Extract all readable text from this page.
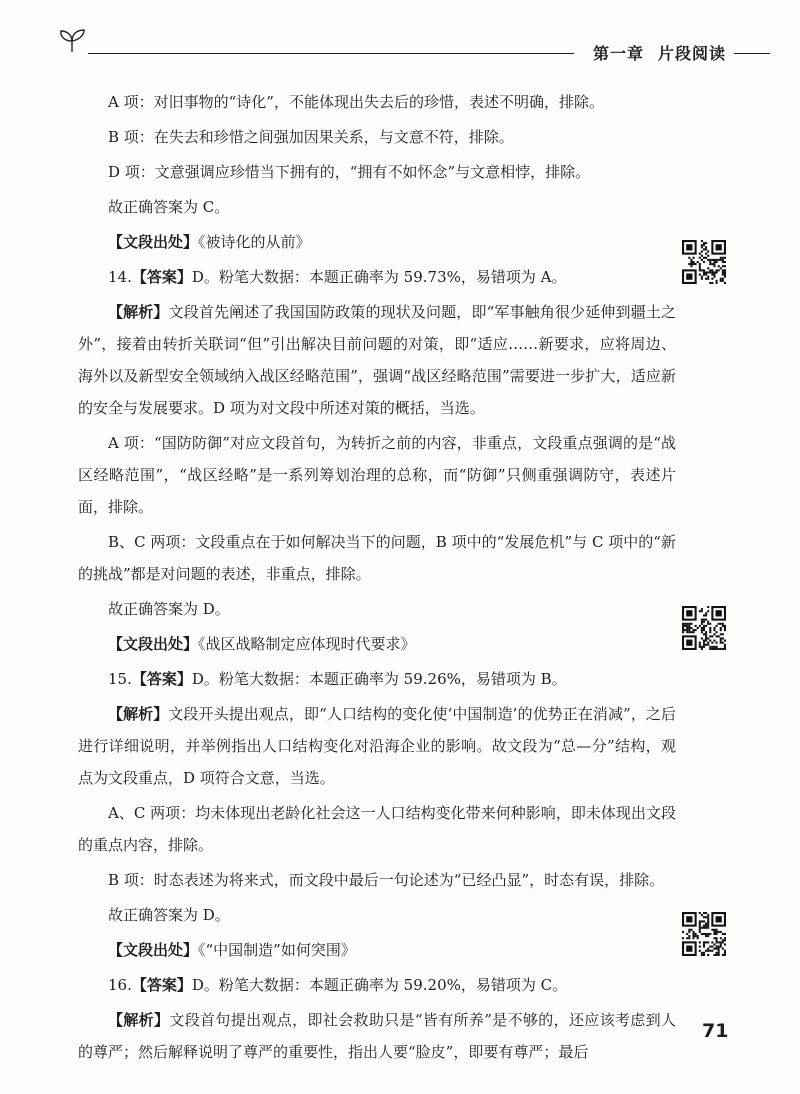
第一章 片段阅读

A 项：对旧事物的“诗化”，不能体现出失去后的珍惜，表述不明确，排除。

B 项：在失去和珍惜之间强加因果关系，与文意不符，排除。

D 项：文意强调应珍惜当下拥有的，“拥有不如怀念”与文意相悖，排除。

故正确答案为 C。

【文段出处】《被诗化的从前》

14.【答案】D。粉笔大数据：本题正确率为 59.73%，易错项为 A。

【解析】文段首先阐述了我国国防政策的现状及问题，即“军事触角很少延伸到疆土之外”，接着由转折关联词“但”引出解决目前问题的对策，即“适应……新要求，应将周边、海外以及新型安全领域纳入战区经略范围”，强调“战区经略范围”需要进一步扩大，适应新的安全与发展要求。D 项为对文段中所述对策的概括，当选。

A 项：“国防防御”对应文段首句，为转折之前的内容，非重点，文段重点强调的是“战区经略范围”，“战区经略”是一系列筹划治理的总称，而“防御”只侧重强调防守，表述片面，排除。

B、C 两项：文段重点在于如何解决当下的问题，B 项中的“发展危机”与 C 项中的“新的挑战”都是对问题的表述，非重点，排除。

故正确答案为 D。

【文段出处】《战区战略制定应体现时代要求》

15.【答案】D。粉笔大数据：本题正确率为 59.26%，易错项为 B。

【解析】文段开头提出观点，即“人口结构的变化使‘中国制造’的优势正在消减”，之后进行详细说明，并举例指出人口结构变化对沿海企业的影响。故文段为“总—分”结构，观点为文段重点，D 项符合文意，当选。

A、C 两项：均未体现出老龄化社会这一人口结构变化带来何种影响，即未体现出文段的重点内容，排除。

B 项：时态表述为将来式，而文段中最后一句论述为“已经凸显”，时态有误，排除。

故正确答案为 D。

【文段出处】《“中国制造”如何突围》

16.【答案】D。粉笔大数据：本题正确率为 59.20%，易错项为 C。

【解析】文段首句提出观点，即社会救助只是“皆有所养”是不够的，还应该考虑到人的尊严；然后解释说明了尊严的重要性，指出人要“脸皮”，即要有尊严；最后

71
